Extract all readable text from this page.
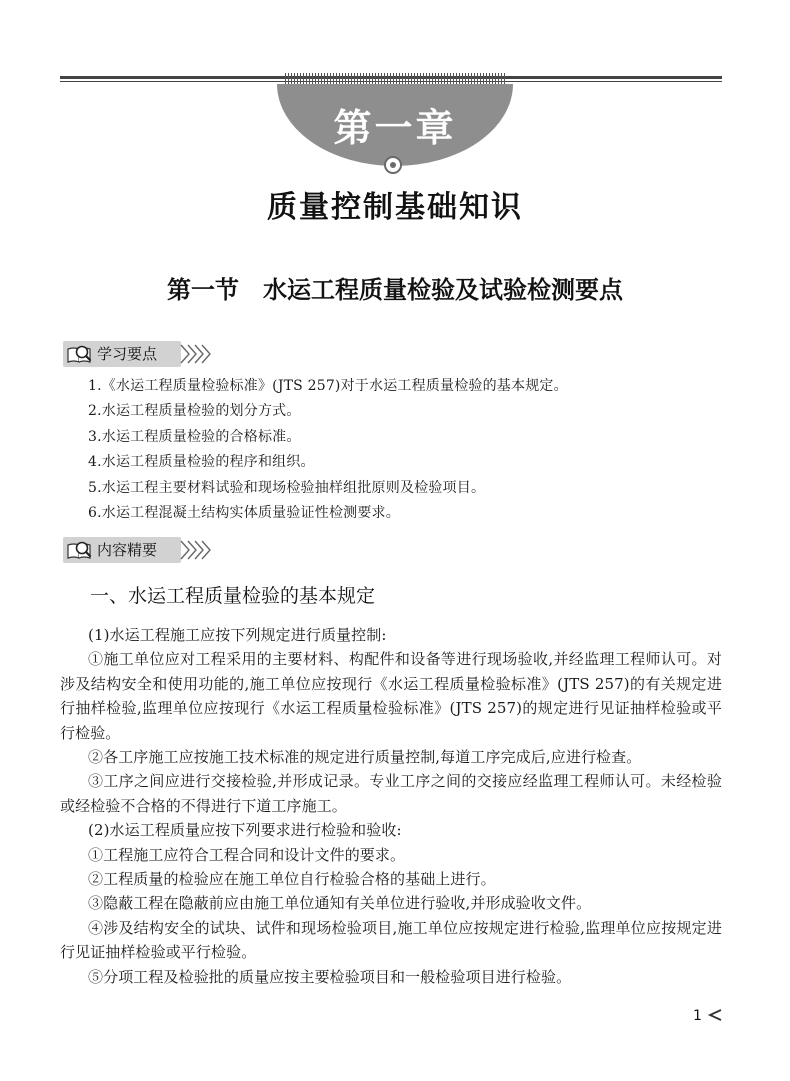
第一章
质量控制基础知识
第一节　水运工程质量检验及试验检测要点
学习要点
1.《水运工程质量检验标准》(JTS 257)对于水运工程质量检验的基本规定。
2.水运工程质量检验的划分方式。
3.水运工程质量检验的合格标准。
4.水运工程质量检验的程序和组织。
5.水运工程主要材料试验和现场检验抽样组批原则及检验项目。
6.水运工程混凝土结构实体质量验证性检测要求。
内容精要
一、水运工程质量检验的基本规定

(1)水运工程施工应按下列规定进行质量控制:

①施工单位应对工程采用的主要材料、构配件和设备等进行现场验收,并经监理工程师认可。对涉及结构安全和使用功能的,施工单位应按现行《水运工程质量检验标准》(JTS 257)的有关规定进行抽样检验,监理单位应按现行《水运工程质量检验标准》(JTS 257)的规定进行见证抽样检验或平行检验。

②各工序施工应按施工技术标准的规定进行质量控制,每道工序完成后,应进行检查。

③工序之间应进行交接检验,并形成记录。专业工序之间的交接应经监理工程师认可。未经检验或经检验不合格的不得进行下道工序施工。

(2)水运工程质量应按下列要求进行检验和验收:

①工程施工应符合工程合同和设计文件的要求。

②工程质量的检验应在施工单位自行检验合格的基础上进行。

③隐蔽工程在隐蔽前应由施工单位通知有关单位进行验收,并形成验收文件。

④涉及结构安全的试块、试件和现场检验项目,施工单位应按规定进行检验,监理单位应按规定进行见证抽样检验或平行检验。

⑤分项工程及检验批的质量应按主要检验项目和一般检验项目进行检验。

1
